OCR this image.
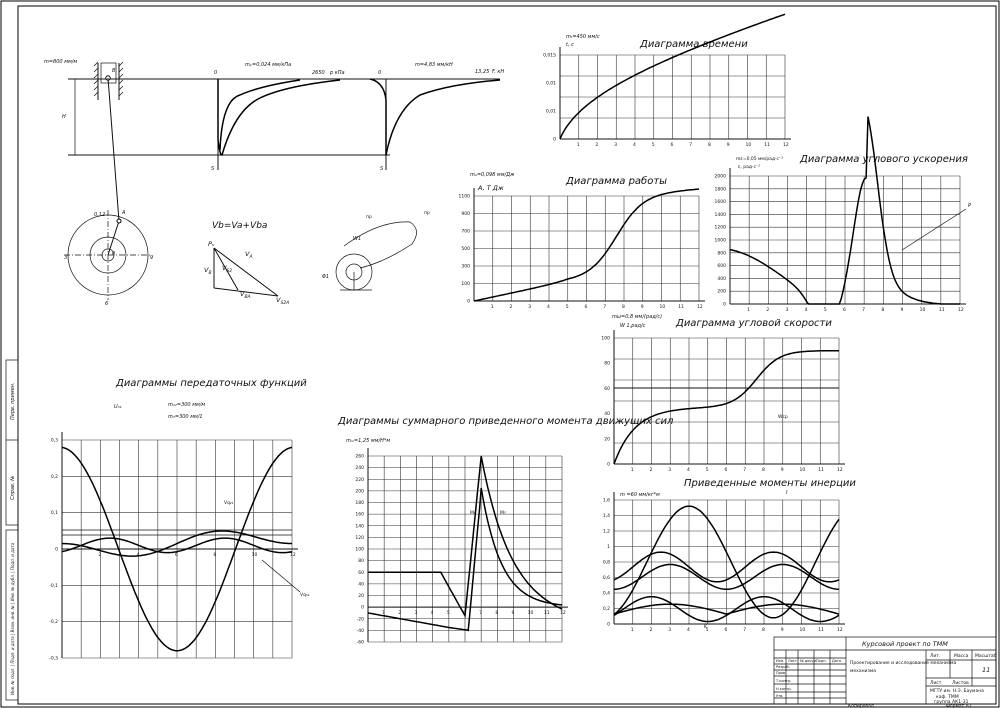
Перв. примен.
Справ. №
Инв. № подл. | Подп. и дата | Взам. инв. № | Инв. № дубл. | Подп. и дата
m=800 мм/м	mₚ=0,024 мм/кПа	m=4,83 мм/кН
H
B
0,12	A
3	9
6
0
0	2650 p кПа
S
0	13,25 F, кН
S
Vb=Va+Vba
Pᵥ
$V_B$
$V_{S2}$
$V_A$
$V_{BA}$	$V_{S2A}$
Φ1
W1
пр
пр
Диаграмма времени
mₜ=450 мм/с
t, c
1	2	3	4	5	6	7	8	9	10	11	12
0
0,01
0,01
0,015
Диаграмма работы
mₐ=0,098 мм/Дж
A, T Дж
1	2	3	4	5	6	7	8	9	10	11	12
0
100
300
500
700
900
1100
Диаграмма углового ускорения
mε=0,05 мм/рад·с⁻²
ε, рад·с⁻²
1	2	3	4	5	6	7	8	9	10	11	12
0
200
400
600
800
1000
1200
1400
1600
1800
2000
P
Диаграмма угловой скорости
mω=0,8 мм/(рад/с)
W 1,рад/с
1	2	3	4	5	6	7	8	9	10	11	12
0
20
40
60
80
100
Wср
Приведенные моменты инерции
m =60 мм/кг*м
1	2	3	4	5	6	7	8	9	10	11	12
0
0,2
0,4
0,6
0,8
1
1,2
1,4
1,6
I
K
Диаграммы передаточных функций
m₁₂=300 мм/м
m₃=300 мм/1
2	4	6	8	10	12
0,3
0,2
0,1
0
-0,1
-0,2
-0,3
U₃₁
Vq₂₁
Vq₃₁
Диаграммы суммарного приведенного момента движущих сил
mₘ=1,25 мм/Н*м
1	2	3	4	5	6	7	8	9	10 11 12
260
240
220
200
180
160
140
120
100
80
60
40
20
0
-20
-40
-60
Mᵢᶜ	Mᵢᶜ
Курсовой проект по ТММ
Проектирование и исследование механизма
механизма
Лит.	Масса Масштаб
11
Лист Листов
МГТУ им. Н.Э. Баумана
каф. ТММ
группа АК1-31
Изм. Лист № докум.
Подп. Дата
Разраб.
Пров.
Т.контр.
Н.контр.
Утв.
Копировал	Формат А1
